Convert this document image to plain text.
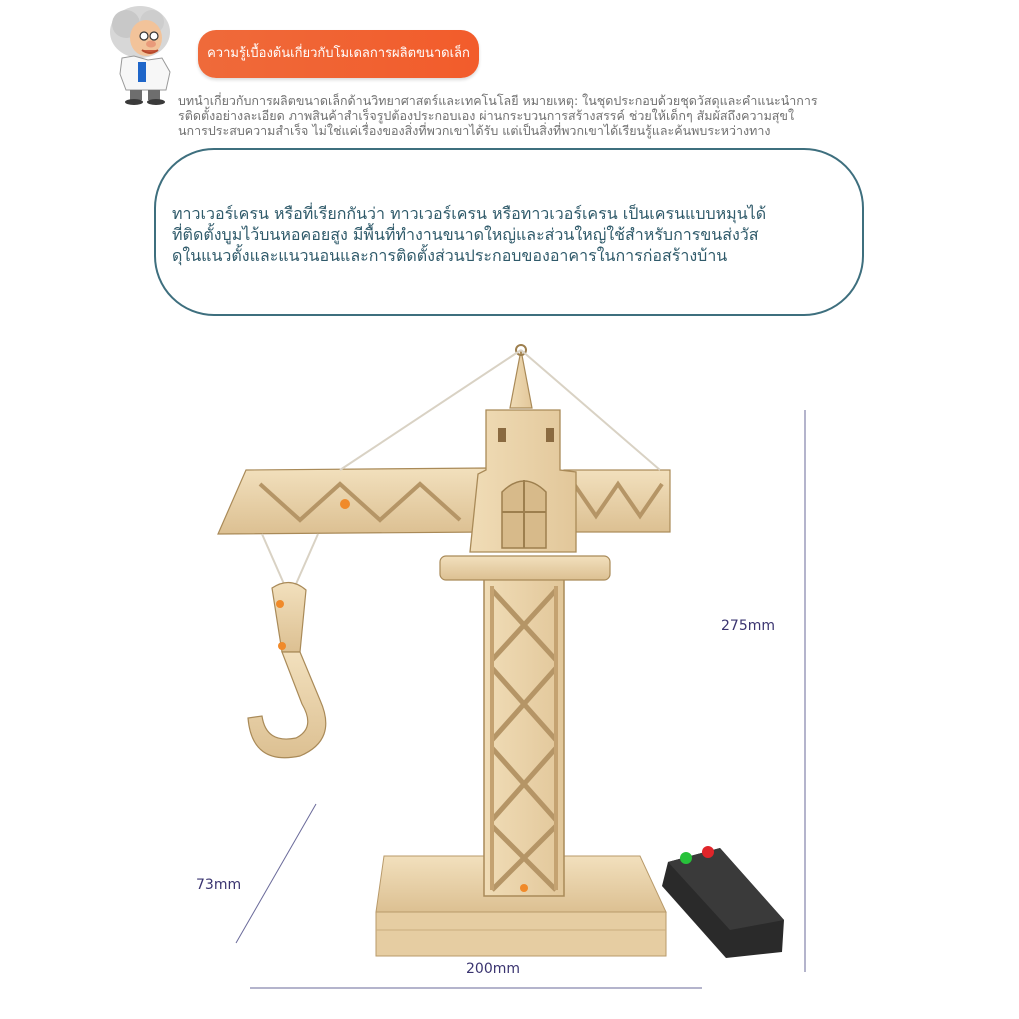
ความรู้เบื้องต้นเกี่ยวกับโมเดลการผลิตขนาดเล็ก
บทนำเกี่ยวกับการผลิตขนาดเล็กด้านวิทยาศาสตร์และเทคโนโลยี หมายเหตุ: ในชุดประกอบด้วยชุดวัสดุและคำแนะนำการ
รติดตั้งอย่างละเอียด ภาพสินค้าสำเร็จรูปต้องประกอบเอง ผ่านกระบวนการสร้างสรรค์ ช่วยให้เด็กๆ สัมผัสถึงความสุขใ
นการประสบความสำเร็จ ไม่ใช่แค่เรื่องของสิ่งที่พวกเขาได้รับ แต่เป็นสิ่งที่พวกเขาได้เรียนรู้และค้นพบระหว่างทาง
ทาวเวอร์เครน หรือที่เรียกกันว่า ทาวเวอร์เครน หรือทาวเวอร์เครน เป็นเครนแบบหมุนได้
ที่ติดตั้งบูมไว้บนหอคอยสูง มีพื้นที่ทำงานขนาดใหญ่และส่วนใหญ่ใช้สำหรับการขนส่งวัส
ดุในแนวตั้งและแนวนอนและการติดตั้งส่วนประกอบของอาคารในการก่อสร้างบ้าน
275mm
73mm
200mm
